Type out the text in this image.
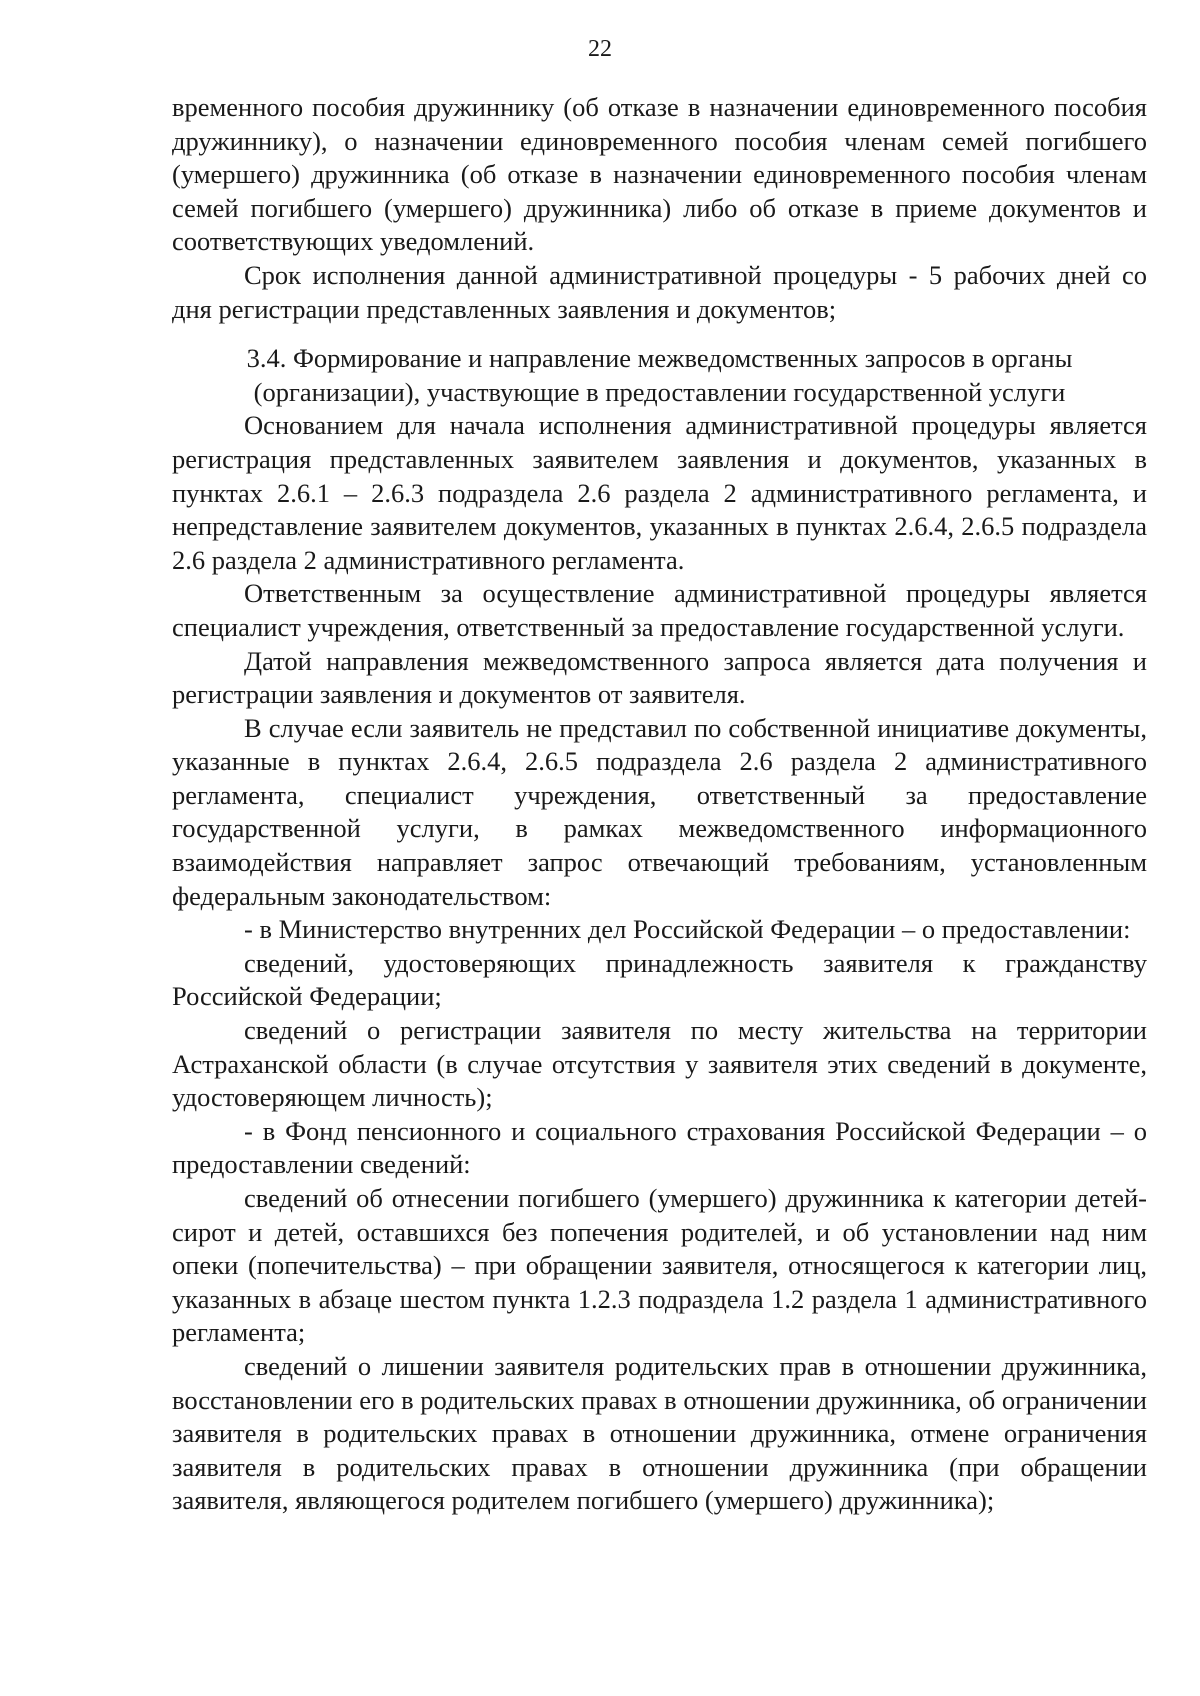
22

временного пособия дружиннику (об отказе в назначении единовременного пособия дружиннику), о назначении единовременного пособия членам семей погибшего (умершего) дружинника (об отказе в назначении единовременного пособия членам семей погибшего (умершего) дружинника) либо об отказе в приеме документов и соответствующих уведомлений.

Срок исполнения данной административной процедуры - 5 рабочих дней со дня регистрации представленных заявления и документов;

3.4. Формирование и направление межведомственных запросов в органы (организации), участвующие в предоставлении государственной услуги

Основанием для начала исполнения административной процедуры является регистрация представленных заявителем заявления и документов, указанных в пунктах 2.6.1 – 2.6.3 подраздела 2.6 раздела 2 административного регламента, и непредставление заявителем документов, указанных в пунктах 2.6.4, 2.6.5 подраздела 2.6 раздела 2 административного регламента.

Ответственным за осуществление административной процедуры является специалист учреждения, ответственный за предоставление государственной услуги.

Датой направления межведомственного запроса является дата получения и регистрации заявления и документов от заявителя.

В случае если заявитель не представил по собственной инициативе документы, указанные в пунктах 2.6.4, 2.6.5 подраздела 2.6 раздела 2 административного регламента, специалист учреждения, ответственный за предоставление государственной услуги, в рамках межведомственного информационного взаимодействия направляет запрос отвечающий требованиям, установленным федеральным законодательством:

- в Министерство внутренних дел Российской Федерации – о предоставлении:

сведений, удостоверяющих принадлежность заявителя к гражданству Российской Федерации;

сведений о регистрации заявителя по месту жительства на территории Астраханской области (в случае отсутствия у заявителя этих сведений в документе, удостоверяющем личность);

- в Фонд пенсионного и социального страхования Российской Федерации – о предоставлении сведений:

сведений об отнесении погибшего (умершего) дружинника к категории детей-сирот и детей, оставшихся без попечения родителей, и об установлении над ним опеки (попечительства) – при обращении заявителя, относящегося к категории лиц, указанных в абзаце шестом пункта 1.2.3 подраздела 1.2 раздела 1 административного регламента;

сведений о лишении заявителя родительских прав в отношении дружинника, восстановлении его в родительских правах в отношении дружинника, об ограничении заявителя в родительских правах в отношении дружинника, отмене ограничения заявителя в родительских правах в отношении дружинника (при обращении заявителя, являющегося родителем погибшего (умершего) дружинника);
